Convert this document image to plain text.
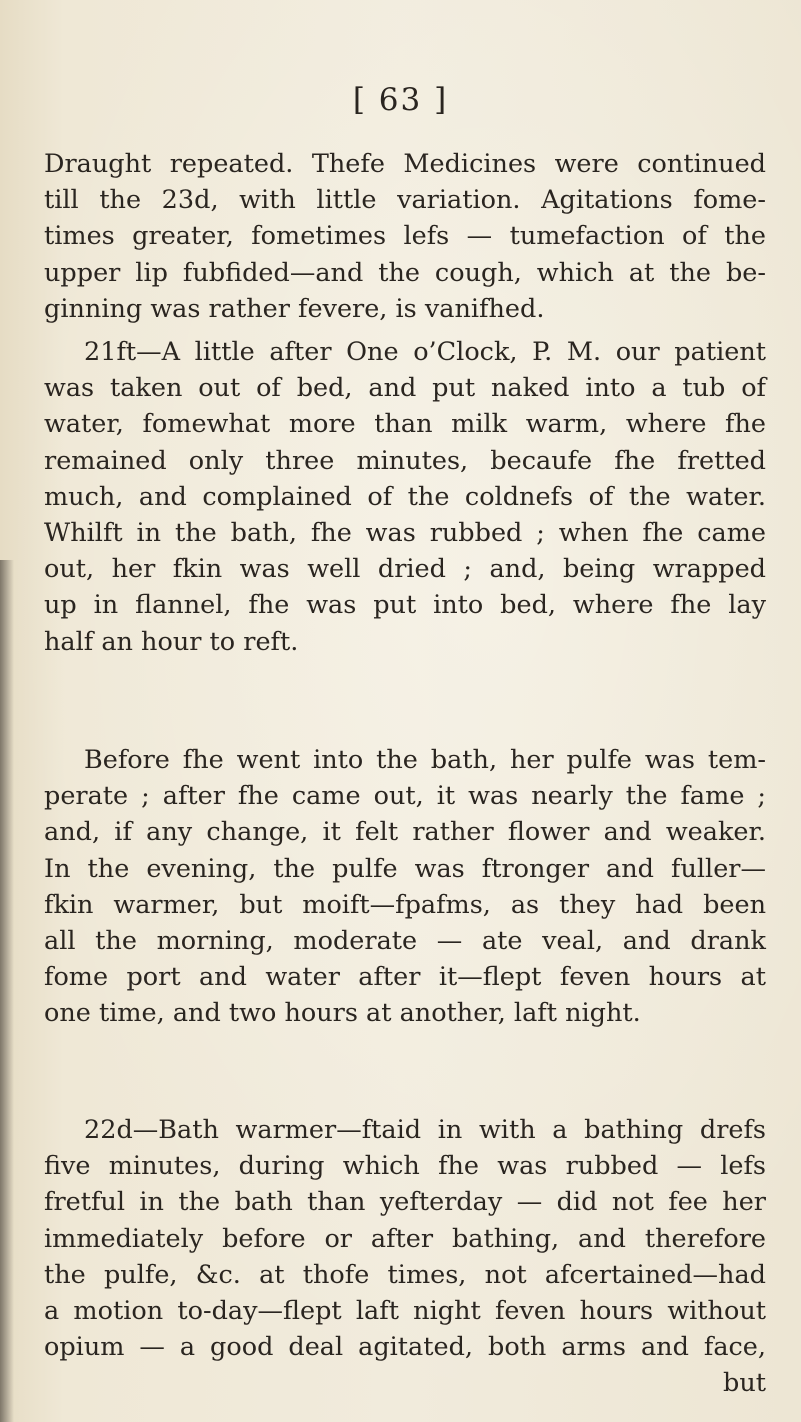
[ 63 ]
Draught repeated. Thefe Medicines were continued
till the 23d, with little variation. Agitations fome-
times greater, fometimes lefs — tumefaction of the
upper lip fubfided—and the cough, which at the be-
ginning was rather fevere, is vanifhed.
21ft—A little after One o’Clock, P. M. our patient
was taken out of bed, and put naked into a tub of
water, fomewhat more than milk warm, where fhe
remained only three minutes, becaufe fhe fretted
much, and complained of the coldnefs of the water.
Whilft in the bath, fhe was rubbed ; when fhe came
out, her fkin was well dried ; and, being wrapped
up in flannel, fhe was put into bed, where fhe lay
half an hour to reft.
Before fhe went into the bath, her pulfe was tem-
perate ; after fhe came out, it was nearly the fame ;
and, if any change, it felt rather flower and weaker.
In the evening, the pulfe was ftronger and fuller—
fkin warmer, but moift—fpafms, as they had been
all the morning, moderate — ate veal, and drank
fome port and water after it—flept feven hours at
one time, and two hours at another, laft night.
22d—Bath warmer—ftaid in with a bathing drefs
five minutes, during which fhe was rubbed — lefs
fretful in the bath than yefterday — did not fee her
immediately before or after bathing, and therefore
the pulfe, &c. at thofe times, not afcertained—had
a motion to-day—flept laft night feven hours without
opium — a good deal agitated, both arms and face,
but
